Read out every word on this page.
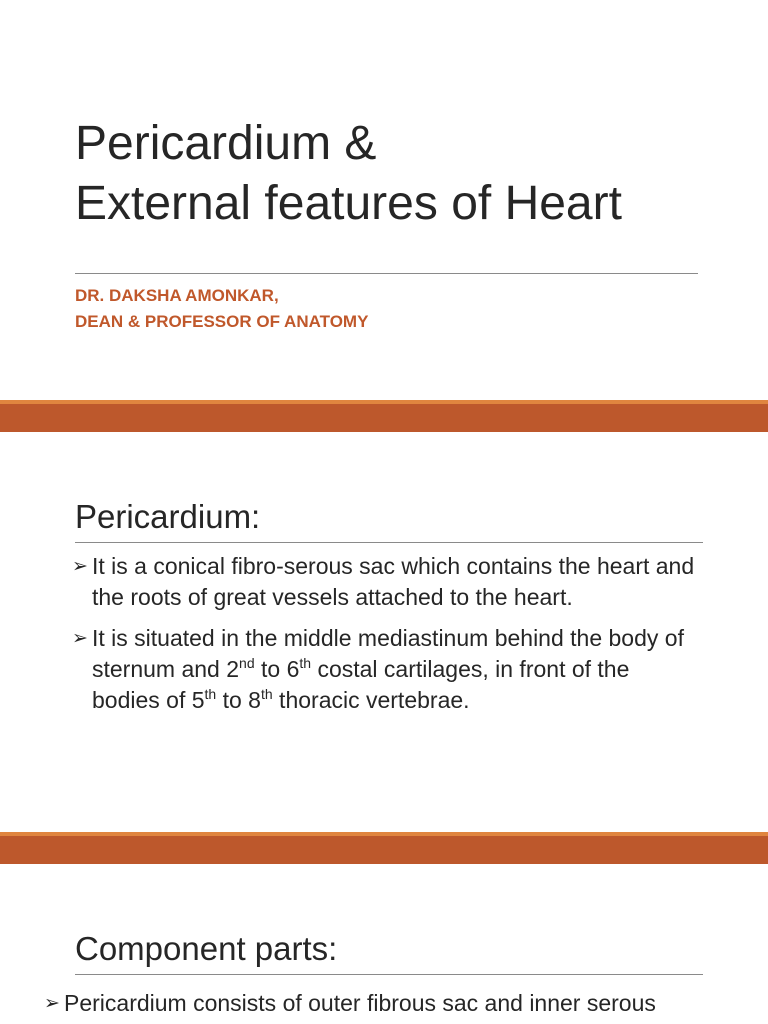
Pericardium &
External features of Heart
DR. DAKSHA AMONKAR,
DEAN & PROFESSOR OF ANATOMY
Pericardium:
➢ It is a conical fibro-serous sac which contains the heart and the roots of great vessels attached to the heart.
➢ It is situated in the middle mediastinum behind the body of sternum and 2nd to 6th costal cartilages, in front of the bodies of 5th to 8th thoracic vertebrae.
Component parts:
➢ Pericardium consists of outer fibrous sac and inner serous
